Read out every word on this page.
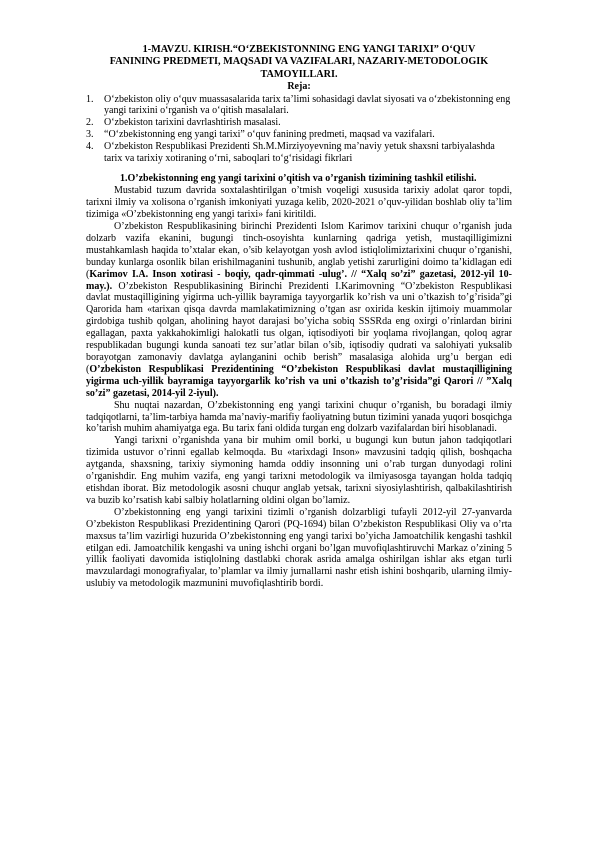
1-MAVZU. KIRISH.“O‘ZBEKISTONNING ENG YANGI TARIXI” O‘QUV
FANINING PREDMETI, MAQSADI VA VAZIFALARI, NAZARIY-METODOLOGIK
TAMOYILLARI.
Reja:
1. O‘zbekiston oliy o‘quv muassasalarida tarix ta’limi sohasidagi davlat siyosati va o‘zbekistonning eng yangi tarixini o‘rganish va o‘qitish masalalari.
2. O‘zbekiston tarixini davrlashtirish masalasi.
3. “O‘zbekistonning eng yangi tarixi” o‘quv fanining predmeti, maqsad va vazifalari.
4. O‘zbekiston Respublikasi Prezidenti Sh.M.Mirziyoyevning ma’naviy yetuk shaxsni tarbiyalashda tarix va tarixiy xotiraning o‘rni, saboqlari to‘g‘risidagi fikrlari
1.O’zbekistonning eng yangi tarixini o’qitish va o’rganish tizimining tashkil etilishi.

Mustabid tuzum davrida soxtalashtirilgan o’tmish voqeligi xususida tarixiy adolat qaror topdi, tarixni ilmiy va xolisona o’rganish imkoniyati yuzaga kelib, 2020-2021 o’quv-yilidan boshlab oliy ta’lim tizimiga «O’zbekistonning eng yangi tarixi» fani kiritildi.

O’zbekiston Respublikasining birinchi Prezidenti Islom Karimov tarixini chuqur o’rganish juda dolzarb vazifa ekanini, bugungi tinch-osoyishta kunlarning qadriga yetish, mustaqilligimizni mustahkamlash haqida to’xtalar ekan, o’sib kelayotgan yosh avlod istiqlolimiztarixini chuqur o’rganishi, bunday kunlarga osonlik bilan erishilmaganini tushunib, anglab yetishi zarurligini doimo ta’kidlagan edi (Karimov I.A. Inson xotirasi - boqiy, qadr-qimmati -ulug’. // “Xalq so’zi” gazetasi, 2012-yil 10-may.). O’zbekiston Respublikasining Birinchi Prezidenti I.Karimovning “O’zbekiston Respublikasi davlat mustaqilligining yigirma uch-yillik bayramiga tayyorgarlik ko’rish va uni o’tkazish to’g’risida”gi Qarorida ham «tarixan qisqa davrda mamlakatimizning o’tgan asr oxirida keskin ijtimoiy muammolar girdobiga tushib qolgan, aholining hayot darajasi bo’yicha sobiq SSSRda eng oxirgi o’rinlardan birini egallagan, paxta yakkahokimligi halokatli tus olgan, iqtisodiyoti bir yoqlama rivojlangan, qoloq agrar respublikadan bugungi kunda sanoati tez sur’atlar bilan o’sib, iqtisodiy qudrati va salohiyati yuksalib borayotgan zamonaviy davlatga aylanganini ochib berish” masalasiga alohida urg’u bergan edi (O’zbekiston Respublikasi Prezidentining “O’zbekiston Respublikasi davlat mustaqilligining yigirma uch-yillik bayramiga tayyorgarlik ko’rish va uni o’tkazish to’g’risida”gi Qarori // ”Xalq so’zi” gazetasi, 2014-yil 2-iyul).

Shu nuqtai nazardan, O’zbekistonning eng yangi tarixini chuqur o’rganish, bu boradagi ilmiy tadqiqotlarni, ta’lim-tarbiya hamda ma’naviy-marifiy faoliyatning butun tizimini yanada yuqori bosqichga ko’tarish muhim ahamiyatga ega. Bu tarix fani oldida turgan eng dolzarb vazifalardan biri hisoblanadi.

Yangi tarixni o’rganishda yana bir muhim omil borki, u bugungi kun butun jahon tadqiqotlari tizimida ustuvor o’rinni egallab kelmoqda. Bu «tarixdagi Inson» mavzusini tadqiq qilish, boshqacha aytganda, shaxsning, tarixiy siymoning hamda oddiy insonning uni o’rab turgan dunyodagi rolini o’rganishdir. Eng muhim vazifa, eng yangi tarixni metodologik va ilmiyasosga tayangan holda tadqiq etishdan iborat. Biz metodologik asosni chuqur anglab yetsak, tarixni siyosiylashtirish, qalbakilashtirish va buzib ko’rsatish kabi salbiy holatlarning oldini olgan bo’lamiz.

O’zbekistonning eng yangi tarixini tizimli o’rganish dolzarbligi tufayli 2012-yil 27-yanvarda O’zbekiston Respublikasi Prezidentining Qarori (PQ-1694) bilan O’zbekiston Respublikasi Oliy va o’rta maxsus ta’lim vazirligi huzurida O’zbekistonning eng yangi tarixi bo’yicha Jamoatchilik kengashi tashkil etilgan edi. Jamoatchilik kengashi va uning ishchi organi bo’lgan muvofiqlashtiruvchi Markaz o’zining 5 yillik faoliyati davomida istiqlolning dastlabki chorak asrida amalga oshirilgan ishlar aks etgan turli mavzulardagi monografiyalar, to’plamlar va ilmiy jurnallarni nashr etish ishini boshqarib, ularning ilmiy-uslubiy va metodologik mazmunini muvofiqlashtirib bordi.
